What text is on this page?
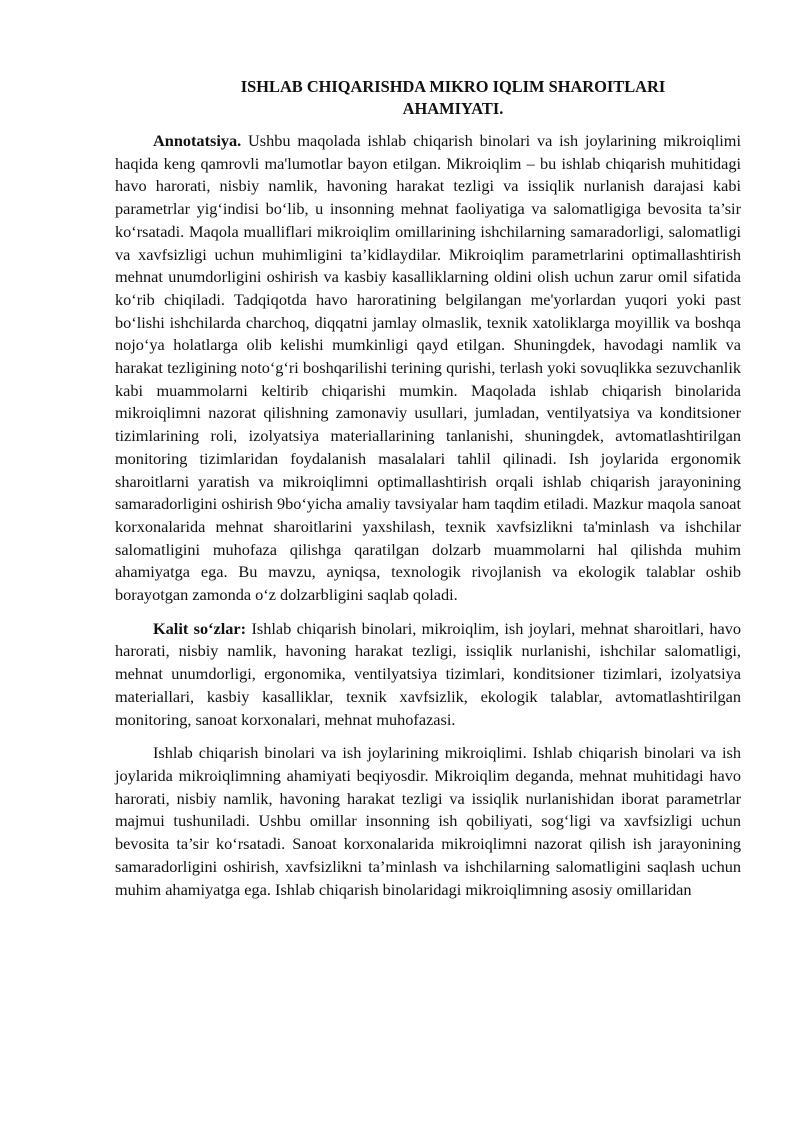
ISHLAB CHIQARISHDA MIKRO IQLIM SHAROITLARI
AHAMIYATI.

Annotatsiya. Ushbu maqolada ishlab chiqarish binolari va ish joylarining mikroiqlimi haqida keng qamrovli ma'lumotlar bayon etilgan. Mikroiqlim – bu ishlab chiqarish muhitidagi havo harorati, nisbiy namlik, havoning harakat tezligi va issiqlik nurlanish darajasi kabi parametrlar yig‘indisi bo‘lib, u insonning mehnat faoliyatiga va salomatligiga bevosita ta’sir ko‘rsatadi. Maqola mualliflari mikroiqlim omillarining ishchilarning samaradorligi, salomatligi va xavfsizligi uchun muhimligini ta’kidlaydilar. Mikroiqlim parametrlarini optimallashtirish mehnat unumdorligini oshirish va kasbiy kasalliklarning oldini olish uchun zarur omil sifatida ko‘rib chiqiladi. Tadqiqotda havo haroratining belgilangan me'yorlardan yuqori yoki past bo‘lishi ishchilarda charchoq, diqqatni jamlay olmaslik, texnik xatoliklarga moyillik va boshqa nojo‘ya holatlarga olib kelishi mumkinligi qayd etilgan. Shuningdek, havodagi namlik va harakat tezligining noto‘g‘ri boshqarilishi terining qurishi, terlash yoki sovuqlikka sezuvchanlik kabi muammolarni keltirib chiqarishi mumkin. Maqolada ishlab chiqarish binolarida mikroiqlimni nazorat qilishning zamonaviy usullari, jumladan, ventilyatsiya va konditsioner tizimlarining roli, izolyatsiya materiallarining tanlanishi, shuningdek, avtomatlashtirilgan monitoring tizimlaridan foydalanish masalalari tahlil qilinadi. Ish joylarida ergonomik sharoitlarni yaratish va mikroiqlimni optimallashtirish orqali ishlab chiqarish jarayonining samaradorligini oshirish 9bo‘yicha amaliy tavsiyalar ham taqdim etiladi. Mazkur maqola sanoat korxonalarida mehnat sharoitlarini yaxshilash, texnik xavfsizlikni ta'minlash va ishchilar salomatligini muhofaza qilishga qaratilgan dolzarb muammolarni hal qilishda muhim ahamiyatga ega. Bu mavzu, ayniqsa, texnologik rivojlanish va ekologik talablar oshib borayotgan zamonda o‘z dolzarbligini saqlab qoladi.

Kalit so‘zlar: Ishlab chiqarish binolari, mikroiqlim, ish joylari, mehnat sharoitlari, havo harorati, nisbiy namlik, havoning harakat tezligi, issiqlik nurlanishi, ishchilar salomatligi, mehnat unumdorligi, ergonomika, ventilyatsiya tizimlari, konditsioner tizimlari, izolyatsiya materiallari, kasbiy kasalliklar, texnik xavfsizlik, ekologik talablar, avtomatlashtirilgan monitoring, sanoat korxonalari, mehnat muhofazasi.

Ishlab chiqarish binolari va ish joylarining mikroiqlimi. Ishlab chiqarish binolari va ish joylarida mikroiqlimning ahamiyati beqiyosdir. Mikroiqlim deganda, mehnat muhitidagi havo harorati, nisbiy namlik, havoning harakat tezligi va issiqlik nurlanishidan iborat parametrlar majmui tushuniladi. Ushbu omillar insonning ish qobiliyati, sog‘ligi va xavfsizligi uchun bevosita ta’sir ko‘rsatadi. Sanoat korxonalarida mikroiqlimni nazorat qilish ish jarayonining samaradorligini oshirish, xavfsizlikni ta’minlash va ishchilarning salomatligini saqlash uchun muhim ahamiyatga ega. Ishlab chiqarish binolaridagi mikroiqlimning asosiy omillaridan
